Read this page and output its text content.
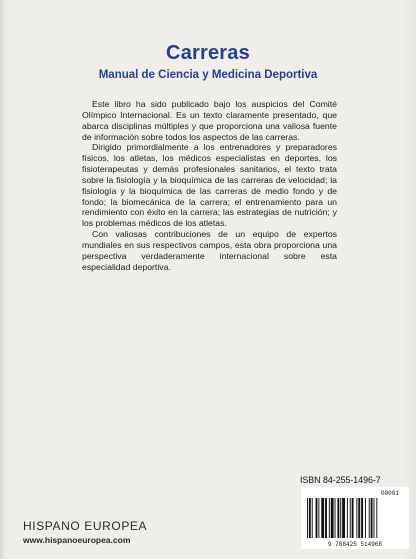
Carreras
Manual de Ciencia y Medicina Deportiva

Este libro ha sido publicado bajo los auspicios del Comité Olímpico Internacional. Es un texto claramente presentado, que abarca disciplinas múltiples y que proporciona una valiosa fuente de información sobre todos los aspectos de las carreras.

Dirigido primordialmente a los entrenadores y preparadores físicos, los atletas, los médicos especialistas en deportes, los fisioterapeutas y demás profesionales sanitarios, el texto trata sobre la fisiología y la bioquímica de las carreras de velocidad; la fisiología y la bioquímica de las carreras de medio fondo y de fondo; la biomecánica de la carrera; el entrenamiento para un rendimiento con éxito en la carrera; las estrategias de nutrición; y los problemas médicos de los atletas.

Con valiosas contribuciones de un equipo de expertos mundiales en sus respectivos campos, esta obra proporciona una perspectiva verdaderamente internacional sobre esta especialidad deportiva.

ISBN 84-255-1496-7
00001
9 788425 514968
HISPANO EUROPEA
www.hispanoeuropea.com
